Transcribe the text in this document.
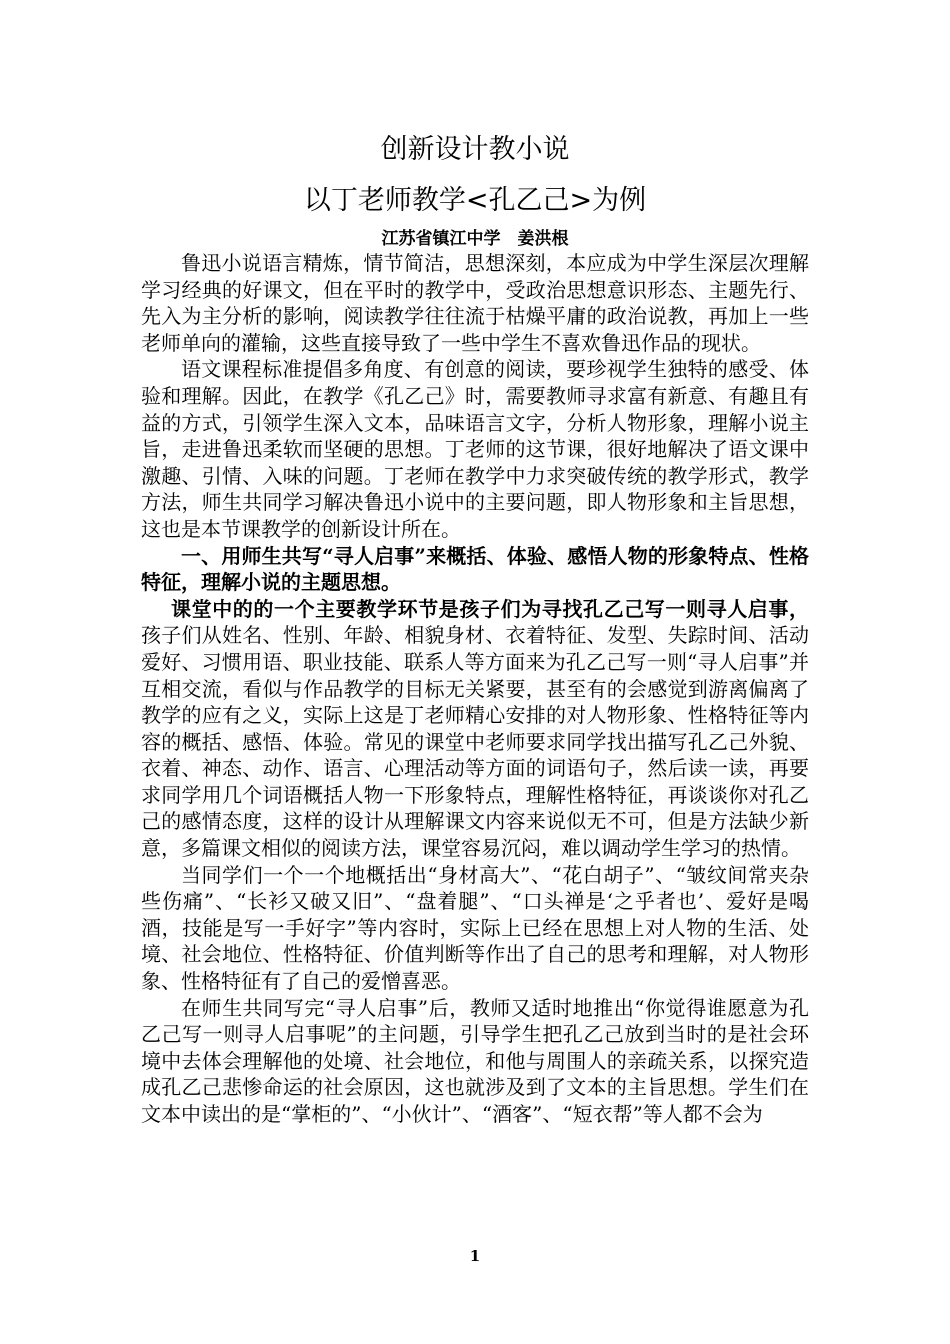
创新设计教小说
以丁老师教学<孔乙己>为例
江苏省镇江中学　姜洪根

鲁迅小说语言精炼，情节简洁，思想深刻，本应成为中学生深层次理解学习经典的好课文，但在平时的教学中，受政治思想意识形态、主题先行、先入为主分析的影响，阅读教学往往流于枯燥平庸的政治说教，再加上一些老师单向的灌输，这些直接导致了一些中学生不喜欢鲁迅作品的现状。

语文课程标准提倡多角度、有创意的阅读，要珍视学生独特的感受、体验和理解。因此，在教学《孔乙己》时，需要教师寻求富有新意、有趣且有益的方式，引领学生深入文本，品味语言文字，分析人物形象，理解小说主旨，走进鲁迅柔软而坚硬的思想。丁老师的这节课，很好地解决了语文课中激趣、引情、入味的问题。丁老师在教学中力求突破传统的教学形式，教学方法，师生共同学习解决鲁迅小说中的主要问题，即人物形象和主旨思想，这也是本节课教学的创新设计所在。

一、用师生共写“寻人启事”来概括、体验、感悟人物的形象特点、性格特征，理解小说的主题思想。

课堂中的的一个主要教学环节是孩子们为寻找孔乙己写一则寻人启事，孩子们从姓名、性别、年龄、相貌身材、衣着特征、发型、失踪时间、活动爱好、习惯用语、职业技能、联系人等方面来为孔乙己写一则“寻人启事”并互相交流，看似与作品教学的目标无关紧要，甚至有的会感觉到游离偏离了教学的应有之义，实际上这是丁老师精心安排的对人物形象、性格特征等内容的概括、感悟、体验。常见的课堂中老师要求同学找出描写孔乙己外貌、衣着、神态、动作、语言、心理活动等方面的词语句子，然后读一读，再要求同学用几个词语概括人物一下形象特点，理解性格特征，再谈谈你对孔乙己的感情态度，这样的设计从理解课文内容来说似无不可，但是方法缺少新意，多篇课文相似的阅读方法，课堂容易沉闷，难以调动学生学习的热情。

当同学们一个一个地概括出“身材高大”、“花白胡子”、“皱纹间常夹杂些伤痛”、“长衫又破又旧”、“盘着腿”、“口头禅是‘之乎者也’、爱好是喝酒，技能是写一手好字”等内容时，实际上已经在思想上对人物的生活、处境、社会地位、性格特征、价值判断等作出了自己的思考和理解，对人物形象、性格特征有了自己的爱憎喜恶。

在师生共同写完“寻人启事”后，教师又适时地推出“你觉得谁愿意为孔乙己写一则寻人启事呢”的主问题，引导学生把孔乙己放到当时的是社会环境中去体会理解他的处境、社会地位，和他与周围人的亲疏关系，以探究造成孔乙己悲惨命运的社会原因，这也就涉及到了文本的主旨思想。学生们在文本中读出的是“掌柜的”、“小伙计”、“酒客”、“短衣帮”等人都不会为

1
